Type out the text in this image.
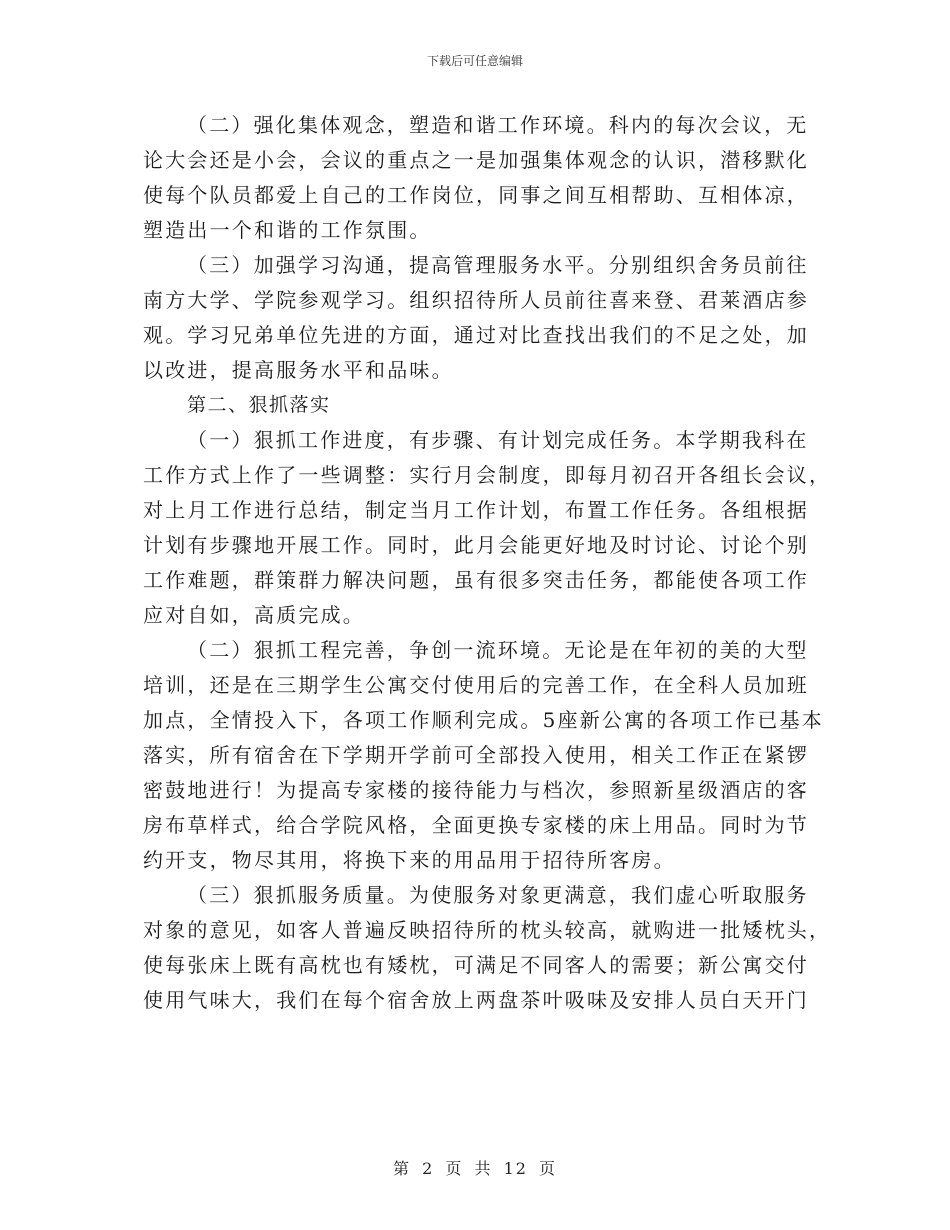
下载后可任意编辑
（二）强化集体观念，塑造和谐工作环境。科内的每次会议，无
论大会还是小会，会议的重点之一是加强集体观念的认识，潜移默化
使每个队员都爱上自己的工作岗位，同事之间互相帮助、互相体凉，
塑造出一个和谐的工作氛围。
（三）加强学习沟通，提高管理服务水平。分别组织舍务员前往
南方大学、学院参观学习。组织招待所人员前往喜来登、君莱酒店参
观。学习兄弟单位先进的方面，通过对比查找出我们的不足之处，加
以改进，提高服务水平和品味。
第二、狠抓落实
（一）狠抓工作进度，有步骤、有计划完成任务。本学期我科在
工作方式上作了一些调整：实行月会制度，即每月初召开各组长会议，
对上月工作进行总结，制定当月工作计划，布置工作任务。各组根据
计划有步骤地开展工作。同时，此月会能更好地及时讨论、讨论个别
工作难题，群策群力解决问题，虽有很多突击任务，都能使各项工作
应对自如，高质完成。
（二）狠抓工程完善，争创一流环境。无论是在年初的美的大型
培训，还是在三期学生公寓交付使用后的完善工作，在全科人员加班
加点，全情投入下，各项工作顺利完成。5座新公寓的各项工作已基本
落实，所有宿舍在下学期开学前可全部投入使用，相关工作正在紧锣
密鼓地进行！为提高专家楼的接待能力与档次，参照新星级酒店的客
房布草样式，给合学院风格，全面更换专家楼的床上用品。同时为节
约开支，物尽其用，将换下来的用品用于招待所客房。
（三）狠抓服务质量。为使服务对象更满意，我们虚心听取服务
对象的意见，如客人普遍反映招待所的枕头较高，就购进一批矮枕头，
使每张床上既有高枕也有矮枕，可满足不同客人的需要；新公寓交付
使用气味大，我们在每个宿舍放上两盘茶叶吸味及安排人员白天开门
第 2 页 共 12 页
